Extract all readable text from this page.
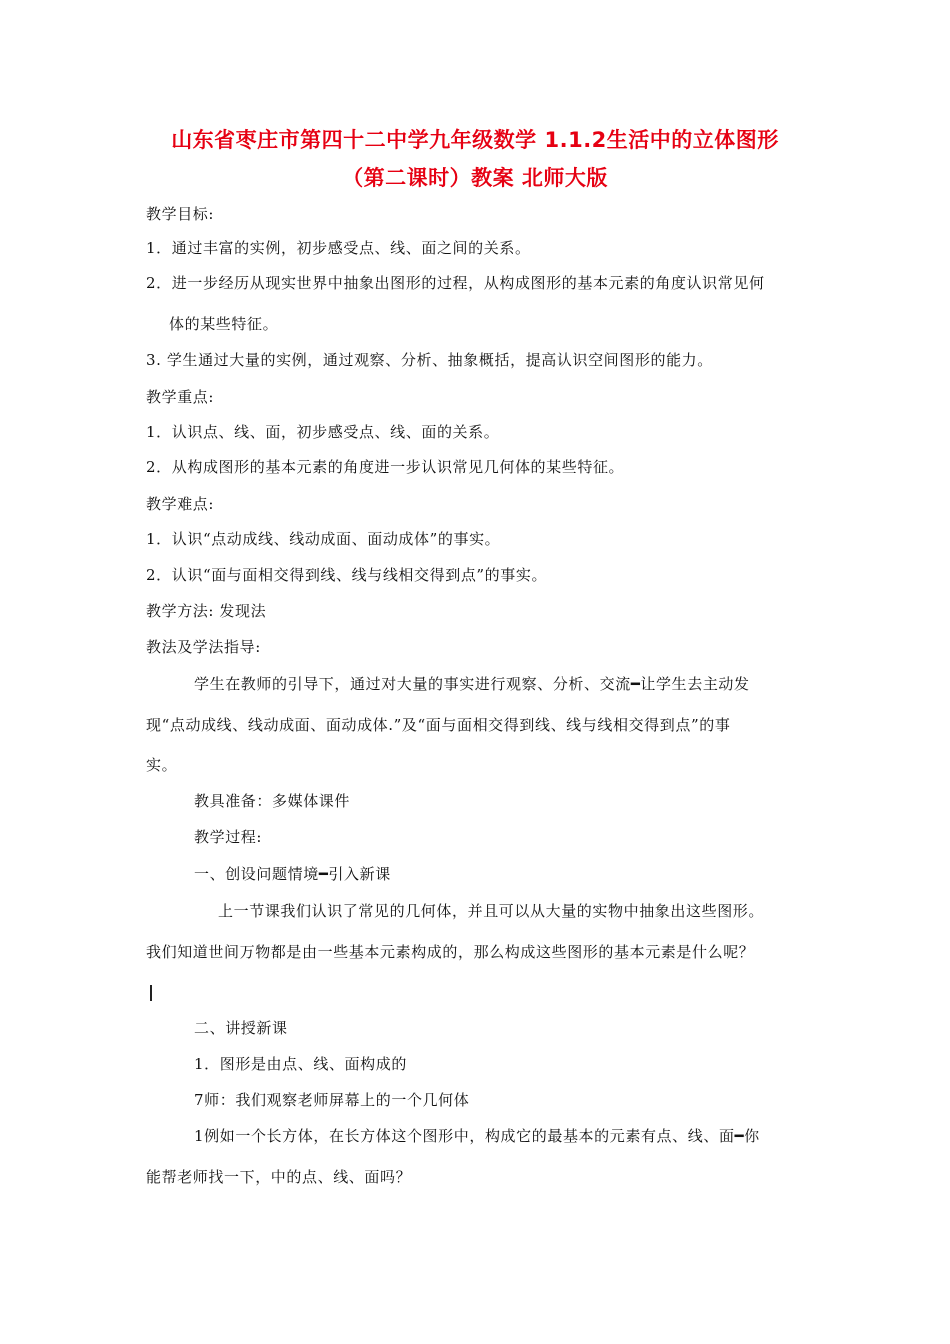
山东省枣庄市第四十二中学九年级数学 1.1.2生活中的立体图形
（第二课时）教案 北师大版
教学目标:
1．通过丰富的实例，初步感受点、线、面之间的关系。
2．进一步经历从现实世界中抽象出图形的过程，从构成图形的基本元素的角度认识常见何
体的某些特征。
3. 学生通过大量的实例，通过观察、分析、抽象概括，提高认识空间图形的能力。
教学重点:
1．认识点、线、面，初步感受点、线、面的关系。
2．从构成图形的基本元素的角度进一步认识常见几何体的某些特征。
教学难点:
1．认识“点动成线、线动成面、面动成体”的事实。
2．认识“面与面相交得到线、线与线相交得到点”的事实。
教学方法: 发现法
教法及学法指导:
学生在教师的引导下，通过对大量的事实进行观察、分析、交流━让学生去主动发
现“点动成线、线动成面、面动成体.”及“面与面相交得到线、线与线相交得到点”的事
实。
教具准备：多媒体课件
教学过程:
一、创设问题情境━引入新课
上一节课我们认识了常见的几何体，并且可以从大量的实物中抽象出这些图形。
我们知道世间万物都是由一些基本元素构成的，那么构成这些图形的基本元素是什么呢？
二、讲授新课
1．图形是由点、线、面构成的
7师：我们观察老师屏幕上的一个几何体
1例如一个长方体，在长方体这个图形中，构成它的最基本的元素有点、线、面━你
能帮老师找一下，中的点、线、面吗？
